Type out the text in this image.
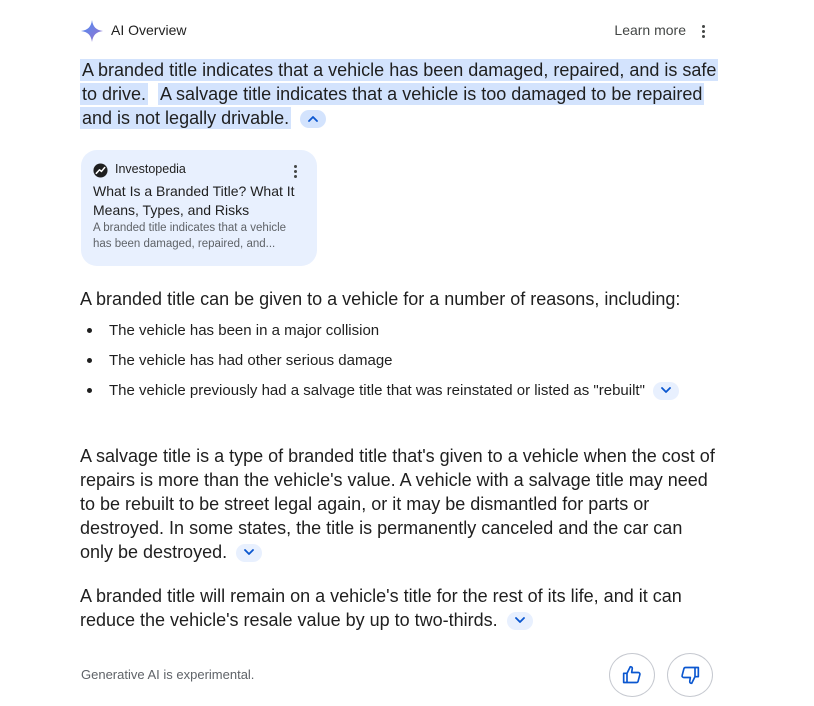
AI Overview	Learn more
A branded title indicates that a vehicle has been damaged, repaired, and is safe to drive. A salvage title indicates that a vehicle is too damaged to be repaired and is not legally drivable.
Investopedia
What Is a Branded Title? What It Means, Types, and Risks
A branded title indicates that a vehicle has been damaged, repaired, and...
A branded title can be given to a vehicle for a number of reasons, including:
The vehicle has been in a major collision
The vehicle has had other serious damage
The vehicle previously had a salvage title that was reinstated or listed as "rebuilt"
A salvage title is a type of branded title that's given to a vehicle when the cost of repairs is more than the vehicle's value. A vehicle with a salvage title may need to be rebuilt to be street legal again, or it may be dismantled for parts or destroyed. In some states, the title is permanently canceled and the car can only be destroyed.
A branded title will remain on a vehicle's title for the rest of its life, and it can reduce the vehicle's resale value by up to two-thirds.
Generative AI is experimental.
